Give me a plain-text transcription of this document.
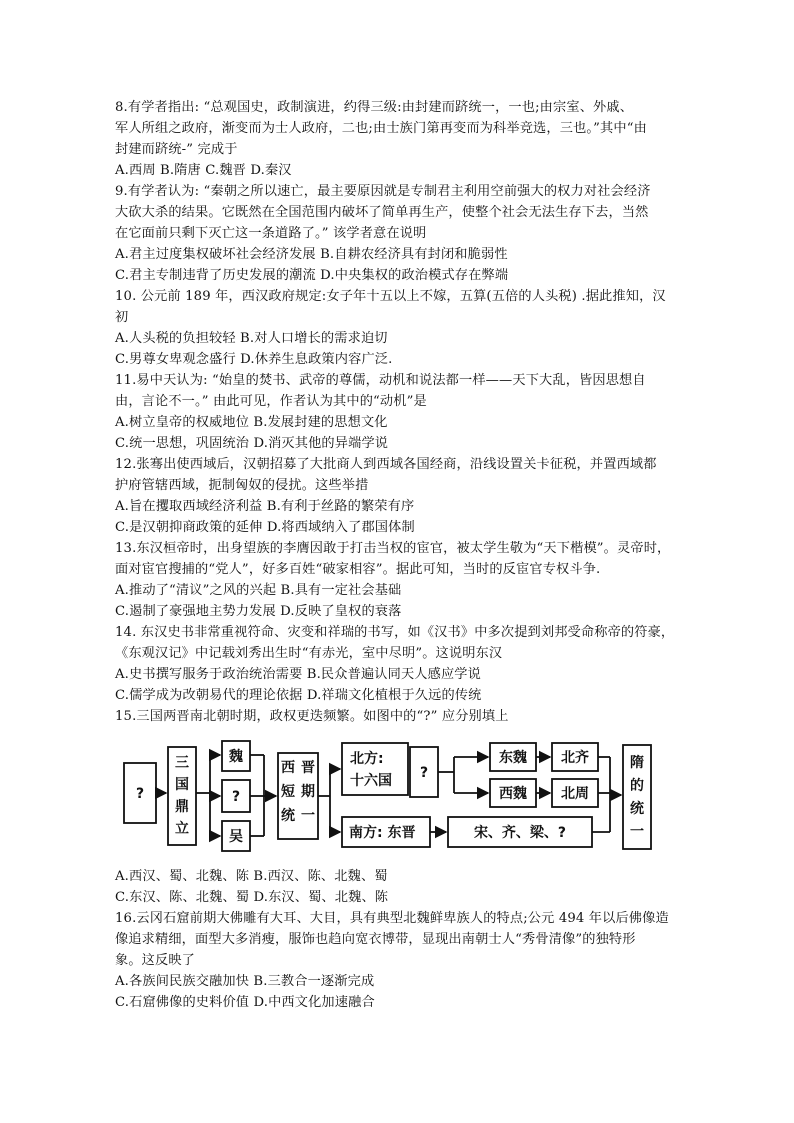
8.有学者指出: “总观国史，政制演进，约得三级:由封建而跻统一，一也;由宗室、外戚、
军人所组之政府，渐变而为士人政府，二也;由士族门第再变而为科举竞选，三也。”其中“由
封建而跻统-” 完成于
A.西周 B.隋唐 C.魏晋 D.秦汉
9.有学者认为: “秦朝之所以速亡，最主要原因就是专制君主利用空前强大的权力对社会经济
大砍大杀的结果。它既然在全国范围内破坏了简单再生产，使整个社会无法生存下去，当然
在它面前只剩下灭亡这一条道路了。” 该学者意在说明
A.君主过度集权破坏社会经济发展 B.自耕农经济具有封闭和脆弱性
C.君主专制违背了历史发展的潮流 D.中央集权的政治模式存在弊端
10. 公元前 189 年，西汉政府规定:女子年十五以上不嫁，五算(五倍的人头税) .据此推知，汉
初
A.人头税的负担较轻 B.对人口增长的需求迫切
C.男尊女卑观念盛行 D.休养生息政策内容广泛.
11.易中天认为: “始皇的焚书、武帝的尊儒，动机和说法都一样——天下大乱，皆因思想自
由，言论不一。” 由此可见，作者认为其中的“动机”是
A.树立皇帝的权威地位 B.发展封建的思想文化
C.统一思想，巩固统治 D.消灭其他的异端学说
12.张骞出使西域后，汉朝招募了大批商人到西域各国经商，沿线设置关卡征税，并置西域都
护府管辖西域，扼制匈奴的侵扰。这些举措
A.旨在攫取西域经济利益 B.有利于丝路的繁荣有序
C.是汉朝抑商政策的延伸 D.将西域纳入了郡国体制
13.东汉桓帝时，出身望族的李膺因敢于打击当权的宦官，被太学生敬为“天下楷模”。灵帝时，
面对宦官搜捕的“党人”，好多百姓“破家相容”。据此可知，当时的反宦官专权斗争.
A.推动了“清议”之风的兴起 B.具有一定社会基础
C.遏制了豪强地主势力发展 D.反映了皇权的衰落
14. 东汉史书非常重视符命、灾变和祥瑞的书写，如《汉书》中多次提到刘邦受命称帝的符豪，
《东观汉记》中记载刘秀出生时“有赤光，室中尽明”。这说明东汉
A.史书撰写服务于政治统治需要 B.民众普遍认同天人感应学说
C.儒学成为改朝易代的理论依据 D.祥瑞文化植根于久远的传统
15.三国两晋南北朝时期，政权更迭频繁。如图中的“?” 应分别填上
?
三
国
鼎
立
魏
?
吴
西 晋
短 期
统 一
北方:
十六国 ?
东魏 北齐
西魏 北周
隋
的
统
一
南方: 东晋	宋、齐、梁、?
A.西汉、蜀、北魏、陈 B.西汉、陈、北魏、蜀
C.东汉、陈、北魏、蜀 D.东汉、蜀、北魏、陈
16.云冈石窟前期大佛雕有大耳、大目，具有典型北魏鲜卑族人的特点;公元 494 年以后佛像造
像追求精细，面型大多消瘦，服饰也趋向宽衣博带，显现出南朝士人“秀骨清像”的独特形
象。这反映了
A.各族间民族交融加快 B.三教合一逐渐完成
C.石窟佛像的史料价值 D.中西文化加速融合
